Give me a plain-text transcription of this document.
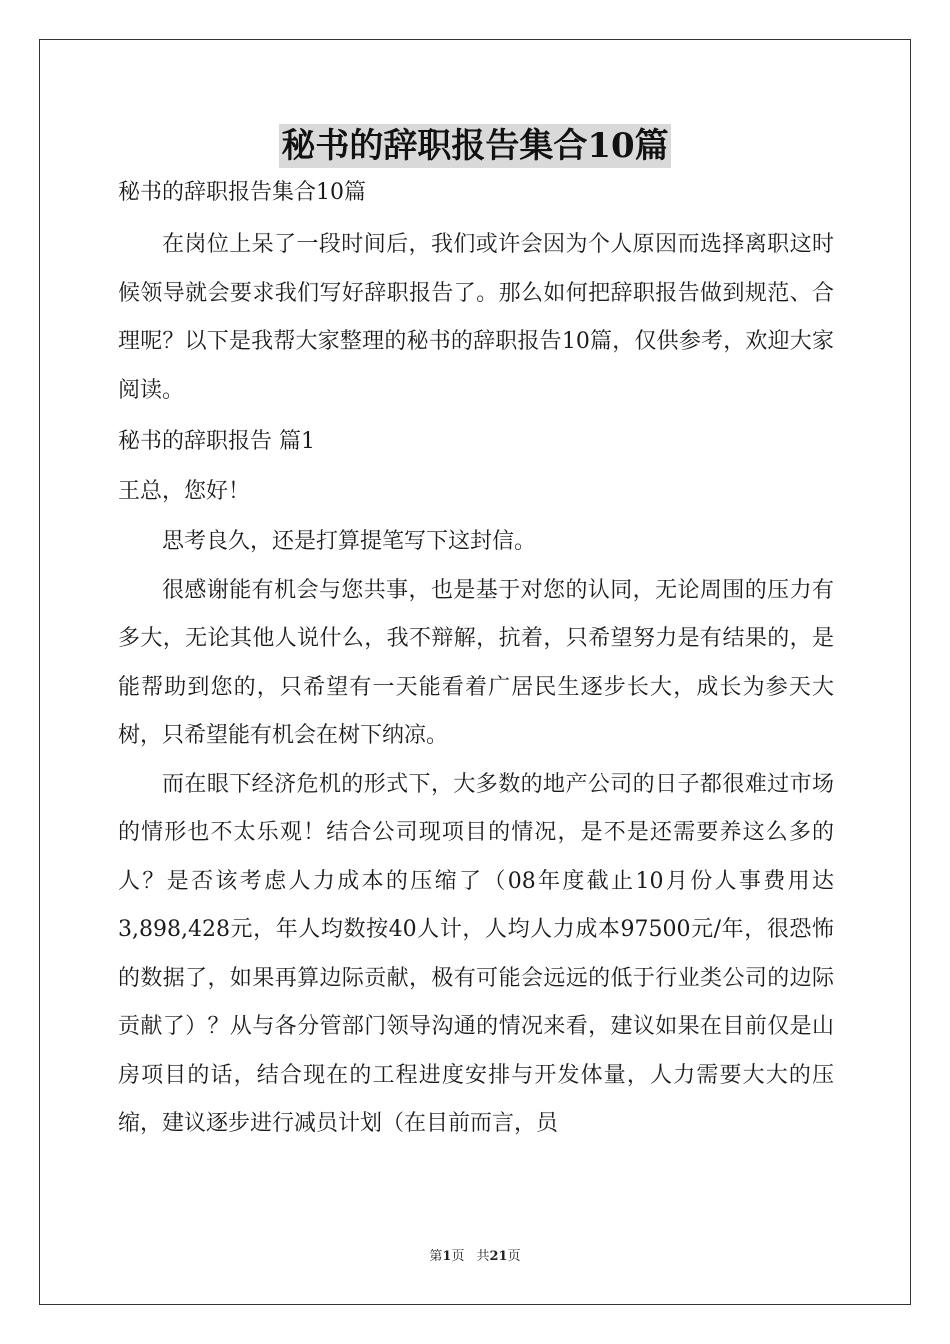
秘书的辞职报告集合10篇

秘书的辞职报告集合10篇

在岗位上呆了一段时间后，我们或许会因为个人原因而选择离职这时候领导就会要求我们写好辞职报告了。那么如何把辞职报告做到规范、合理呢？以下是我帮大家整理的秘书的辞职报告10篇，仅供参考，欢迎大家阅读。

秘书的辞职报告 篇1

王总，您好！

思考良久，还是打算提笔写下这封信。

很感谢能有机会与您共事，也是基于对您的认同，无论周围的压力有多大，无论其他人说什么，我不辩解，抗着，只希望努力是有结果的，是能帮助到您的，只希望有一天能看着广居民生逐步长大，成长为参天大树，只希望能有机会在树下纳凉。

而在眼下经济危机的形式下，大多数的地产公司的日子都很难过市场的情形也不太乐观！结合公司现项目的情况，是不是还需要养这么多的人？是否该考虑人力成本的压缩了（08年度截止10月份人事费用达3,898,428元，年人均数按40人计，人均人力成本97500元/年，很恐怖的数据了，如果再算边际贡献，极有可能会远远的低于行业类公司的边际贡献了）？从与各分管部门领导沟通的情况来看，建议如果在目前仅是山房项目的话，结合现在的工程进度安排与开发体量，人力需要大大的压缩，建议逐步进行减员计划（在目前而言，员

第1页 共21页
